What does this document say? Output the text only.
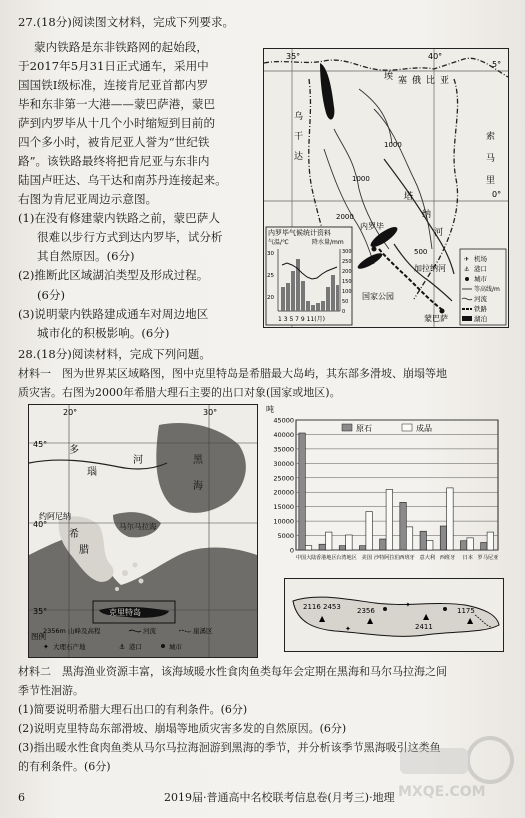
27.(18分)阅读图文材料，完成下列要求。
蒙内铁路是东非铁路网的起始段，
于2017年5月31日正式通车，采用中
国国铁Ⅰ级标准，连接肯尼亚首都内罗
毕和东非第一大港——蒙巴萨港，蒙巴
萨到内罗毕从十几个小时缩短到目前的
四个多小时，被肯尼亚人誉为“世纪铁
路”。该铁路最终将把肯尼亚与东非内
陆国卢旺达、乌干达和南苏丹连接起来。
右图为肯尼亚周边示意图。
(1)在没有修建蒙内铁路之前，蒙巴萨人
很难以步行方式到达内罗毕，试分析
其自然原因。(6分)
(2)推断此区域湖泊类型及形成过程。
(6分)
(3)说明蒙内铁路建成通车对周边地区
城市化的积极影响。(6分)
35°	40°
0°
5°
埃 塞 俄 比 亚
索
马
里
乌
干
达
塔
纳
河
内罗毕
加拉纳河
国家公园
蒙巴萨
1000
2000
1000
500
内罗毕气候统计资料
气温/℃	降水量/mm
30
25
20
300
250
200
150
100
50
0
1 3 5 7 9 11(月)
✈ 机场
⚓ 港口
城市
等高线/m
河流
铁路
湖泊
28.(18分)阅读材料，完成下列问题。
材料一　图为世界某区域略图，图中克里特岛是希腊最大岛屿，其东部多滑坡、崩塌等地
质灾害。右图为2000年希腊大理石主要的出口对象(国家或地区)。
克里特岛
20°	30°
45°
40°
35°
多
瑙
河	黑
海
约阿尼纳
希
腊
马尔马拉海
图例
2356m 山峰及高程	河流	崖溪区
✦ 大理石产地	⚓ 港口	城市
0
5000
10000
15000
20000
25000
30000
35000
40000
45000
吨
原石	成品
中国大陆 香港地区 台湾地区 美国 沙特阿拉伯 西班牙 意大利 西班牙 日本 罗马尼亚
2116 2453 2356	1175
2411
▲	▲	▲	▲
✦
✦
材料二　黑海渔业资源丰富，该海域暖水性食肉鱼类每年会定期在黑海和马尔马拉海之间
季节性洄游。
(1)简要说明希腊大理石出口的有利条件。(6分)
(2)说明克里特岛东部滑坡、崩塌等地质灾害多发的自然原因。(6分)
(3)指出暖水性食肉鱼类从马尔马拉海洄游到黑海的季节，并分析该季节黑海吸引这类鱼
的有利条件。(6分)
6	2019届·普通高中名校联考信息卷(月考三)·地理 MXQE.COM
